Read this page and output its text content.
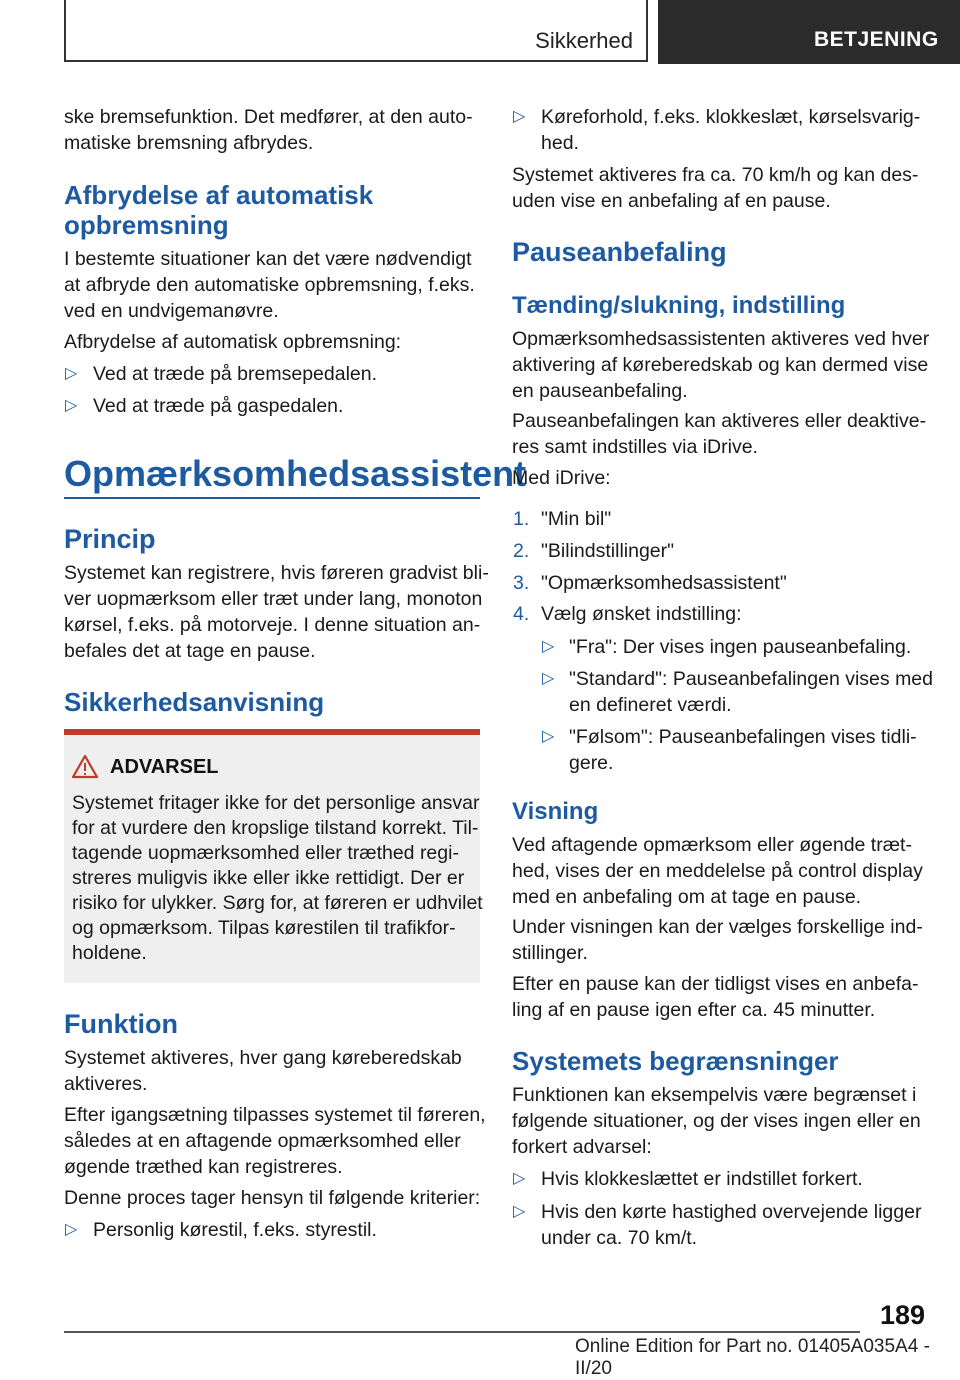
Sikkerhed	BETJENING

ske bremsefunktion. Det medfører, at den auto-

matiske bremsning afbrydes.

Afbrydelse af automatisk

opbremsning

I bestemte situationer kan det være nødvendigt

at afbryde den automatiske opbremsning, f.eks.

ved en undvigemanøvre.

Afbrydelse af automatisk opbremsning:

▷ Ved at træde på bremsepedalen.

▷ Ved at træde på gaspedalen.

Opmærksomhedsassistent

Princip

Systemet kan registrere, hvis føreren gradvist bli-

ver uopmærksom eller træt under lang, monoton

kørsel, f.eks. på motorveje. I denne situation an-

befales det at tage en pause.

Sikkerhedsanvisning

ADVARSEL

Systemet fritager ikke for det personlige ansvar

for at vurdere den kropslige tilstand korrekt. Til-

tagende uopmærksomhed eller træthed regi-

streres muligvis ikke eller ikke rettidigt. Der er

risiko for ulykker. Sørg for, at føreren er udhvilet

og opmærksom. Tilpas kørestilen til trafikfor-

holdene.

Funktion

Systemet aktiveres, hver gang køreberedskab

aktiveres.

Efter igangsætning tilpasses systemet til føreren,

således at en aftagende opmærksomhed eller

øgende træthed kan registreres.

Denne proces tager hensyn til følgende kriterier:

▷ Personlig kørestil, f.eks. styrestil.

▷ Køreforhold, f.eks. klokkeslæt, kørselsvarig-

hed.

Systemet aktiveres fra ca. 70 km/h og kan des-

uden vise en anbefaling af en pause.

Pauseanbefaling

Tænding/slukning, indstilling

Opmærksomhedsassistenten aktiveres ved hver

aktivering af køreberedskab og kan dermed vise

en pauseanbefaling.

Pauseanbefalingen kan aktiveres eller deaktive-

res samt indstilles via iDrive.

Med iDrive:

1. "Min bil"

2. "Bilindstillinger"

3. "Opmærksomhedsassistent"

4. Vælg ønsket indstilling:

▷ "Fra": Der vises ingen pauseanbefaling.

▷ "Standard": Pauseanbefalingen vises med

en defineret værdi.

▷ "Følsom": Pauseanbefalingen vises tidli-

gere.

Visning

Ved aftagende opmærksom eller øgende træt-

hed, vises der en meddelelse på control display

med en anbefaling om at tage en pause.

Under visningen kan der vælges forskellige ind-

stillinger.

Efter en pause kan der tidligst vises en anbefa-

ling af en pause igen efter ca. 45 minutter.

Systemets begrænsninger

Funktionen kan eksempelvis være begrænset i

følgende situationer, og der vises ingen eller en

forkert advarsel:

▷ Hvis klokkeslættet er indstillet forkert.

▷ Hvis den kørte hastighed overvejende ligger

under ca. 70 km/t.

189
Online Edition for Part no. 01405A035A4 - II/20
